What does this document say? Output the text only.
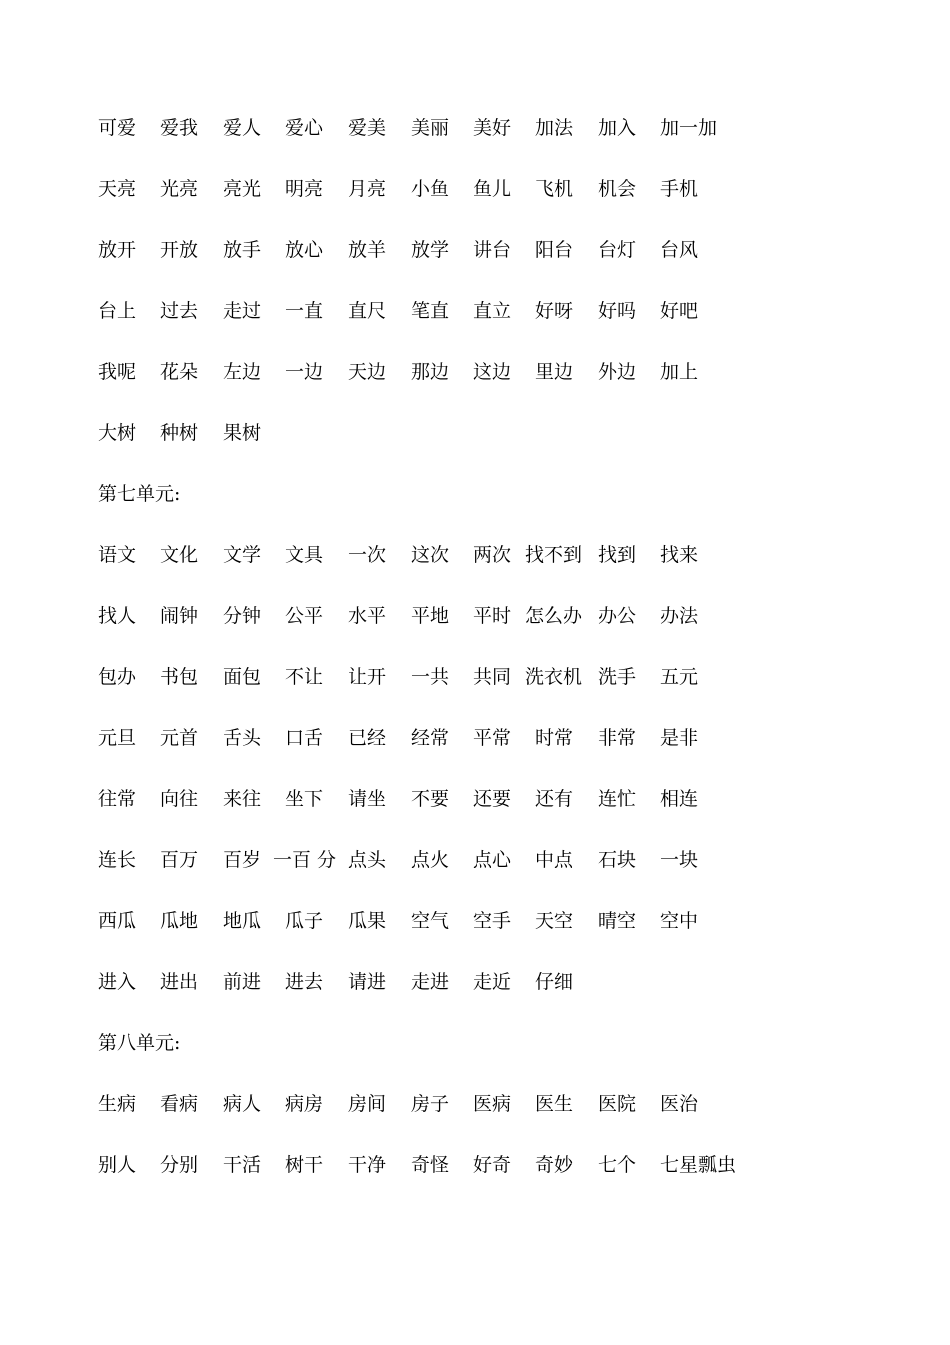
可爱 爱我 爱人 爱心 爱美 美丽 美好 加法 加入 加一加
天亮 光亮 亮光 明亮 月亮 小鱼 鱼儿 飞机 机会 手机
放开 开放 放手 放心 放羊 放学 讲台 阳台 台灯 台风
台上 过去 走过 一直 直尺 笔直 直立 好呀 好吗 好吧
我呢 花朵 左边 一边 天边 那边 这边 里边 外边 加上
大树 种树 果树
第七单元:
语文 文化 文学 文具 一次 这次 两次 找不到 找到 找来
找人 闹钟 分钟 公平 水平 平地 平时 怎么办 办公 办法
包办 书包 面包 不让 让开 一共 共同 洗衣机 洗手 五元
元旦 元首 舌头 口舌 已经 经常 平常 时常 非常 是非
往常 向往 来往 坐下 请坐 不要 还要 还有 连忙 相连
连长 百万 百岁 一百 分 点头 点火 点心 中点 石块 一块
西瓜 瓜地 地瓜 瓜子 瓜果 空气 空手 天空 晴空 空中
进入 进出 前进 进去 请进 走进 走近 仔细
第八单元:
生病 看病 病人 病房 房间 房子 医病 医生 医院 医治
别人 分别 干活 树干 干净 奇怪 好奇 奇妙 七个 七星瓢虫
